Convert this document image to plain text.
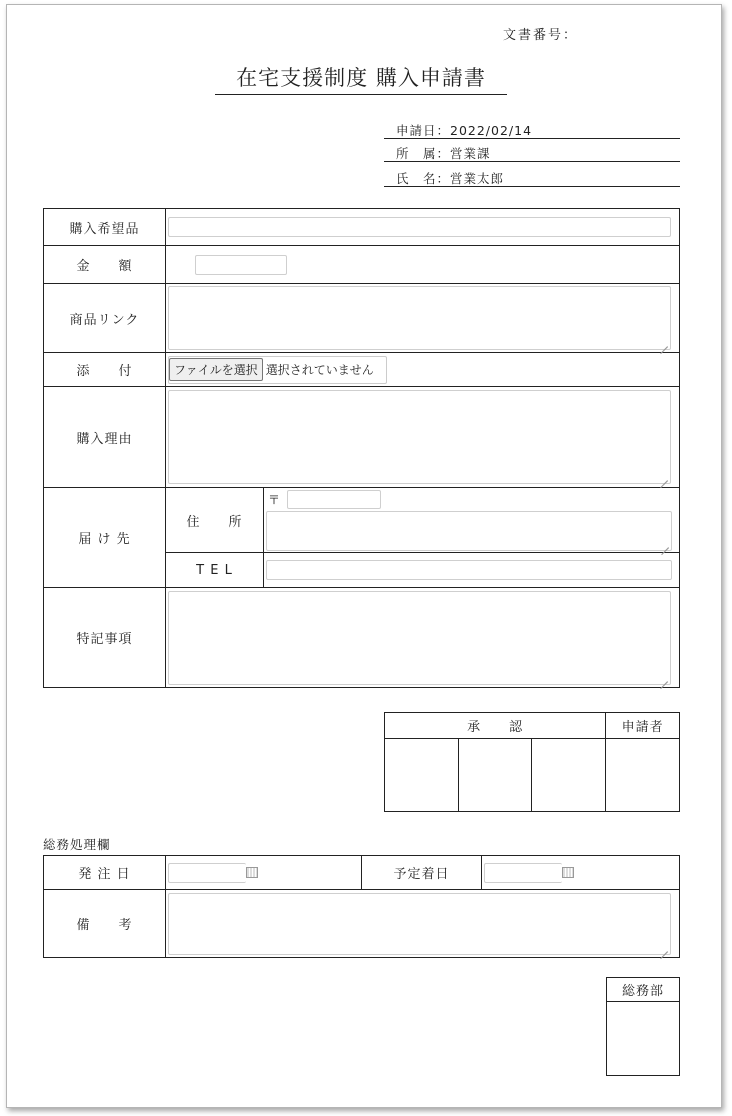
文書番号：
在宅支援制度 購入申請書
申請日：2022/02/14
所　属：営業課
氏　名：営業太郎
購入希望品		

金　　額		

商品リンク		

添　　付	ファイルを選択 選択されていません	

購入理由		

届 け 先	住　　所	〒

	T E L	

特記事項		
承　　認			申請者

総務処理欄
発 注 日		予定着日	

備　　考			
総務部
